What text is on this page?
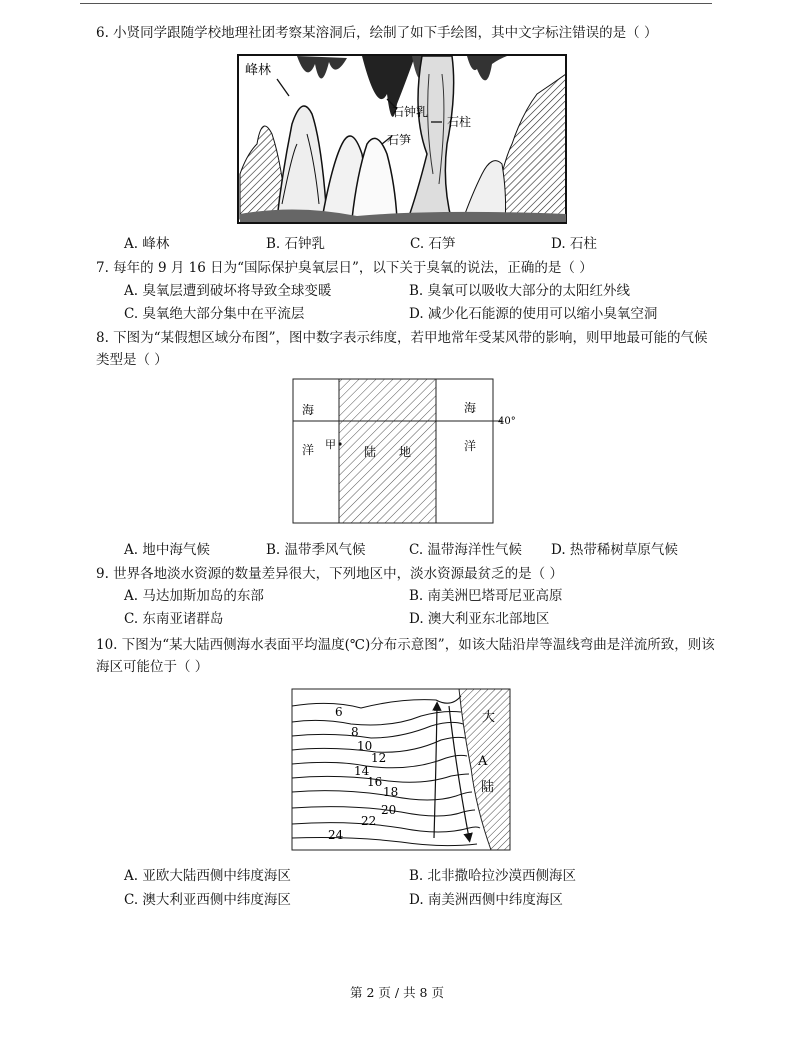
6. 小贤同学跟随学校地理社团考察某溶洞后，绘制了如下手绘图，其中文字标注错误的是（ ）
峰林
石钟乳
石笋
石柱
A. 峰林	B. 石钟乳	C. 石笋	D. 石柱
7. 每年的 9 月 16 日为“国际保护臭氧层日”，以下关于臭氧的说法，正确的是（ ）
A. 臭氧层遭到破坏将导致全球变暖	B. 臭氧可以吸收大部分的太阳红外线
C. 臭氧绝大部分集中在平流层	D. 减少化石能源的使用可以缩小臭氧空洞
8. 下图为“某假想区域分布图”，图中数字表示纬度，若甲地常年受某风带的影响，则甲地最可能的气候类型是（ ）
海
洋
海
洋
陆 地
甲
40°
A. 地中海气候	B. 温带季风气候	C. 温带海洋性气候 D. 热带稀树草原气候
9. 世界各地淡水资源的数量差异很大，下列地区中，淡水资源最贫乏的是（ ）
A. 马达加斯加岛的东部	B. 南美洲巴塔哥尼亚高原
C. 东南亚诸群岛	D. 澳大利亚东北部地区
10. 下图为“某大陆西侧海水表面平均温度(℃)分布示意图”，如该大陆沿岸等温线弯曲是洋流所致，则该海区可能位于（ ）
大
A
陆
6
8
10
12
14
16
18
20
22
24
A. 亚欧大陆西侧中纬度海区	B. 北非撒哈拉沙漠西侧海区
C. 澳大利亚西侧中纬度海区	D. 南美洲西侧中纬度海区
第 2 页 / 共 8 页
